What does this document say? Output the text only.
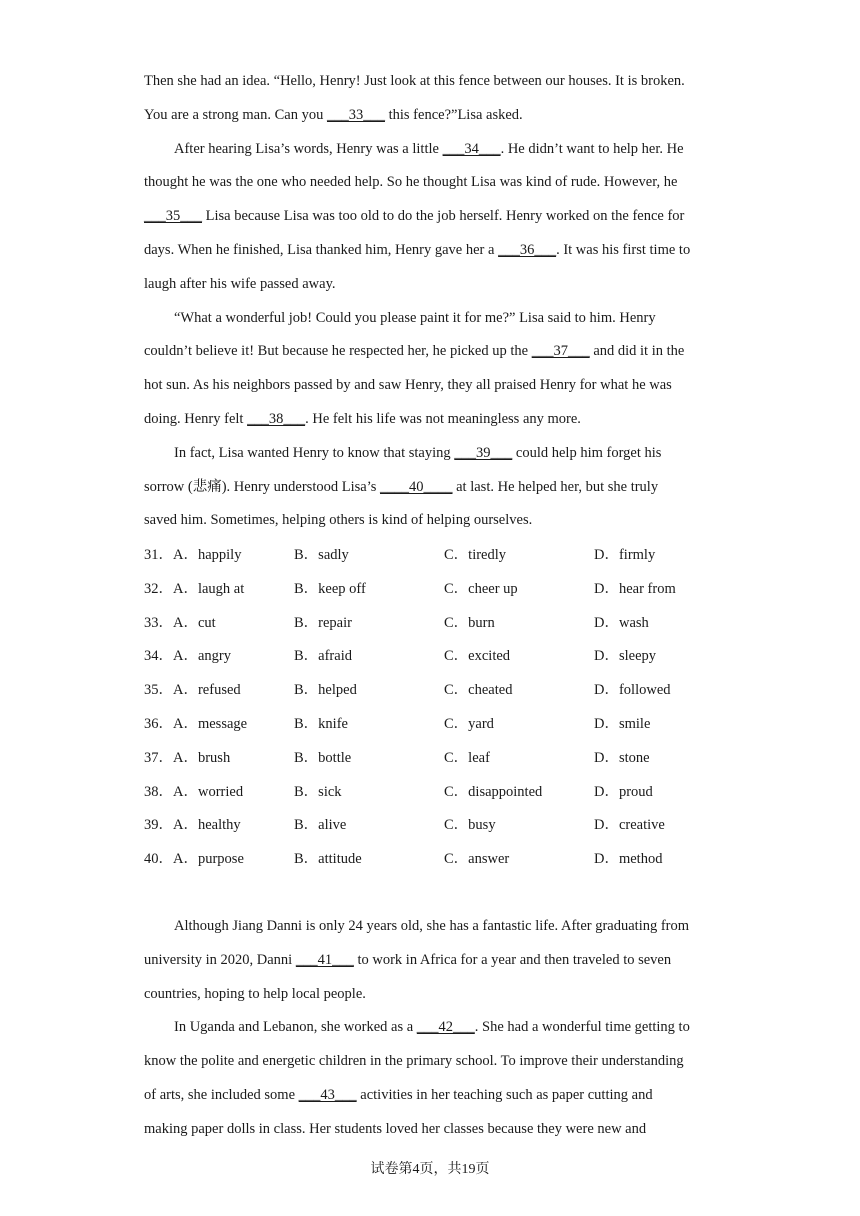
Then she had an idea. “Hello, Henry! Just look at this fence between our houses. It is broken.
You are a strong man. Can you ___33___ this fence?”Lisa asked.
After hearing Lisa’s words, Henry was a little ___34___. He didn’t want to help her. He
thought he was the one who needed help. So he thought Lisa was kind of rude. However, he
___35___ Lisa because Lisa was too old to do the job herself. Henry worked on the fence for
days. When he finished, Lisa thanked him, Henry gave her a ___36___. It was his first time to
laugh after his wife passed away.
“What a wonderful job! Could you please paint it for me?” Lisa said to him. Henry
couldn’t believe it! But because he respected her, he picked up the ___37___ and did it in the
hot sun. As his neighbors passed by and saw Henry, they all praised Henry for what he was
doing. Henry felt ___38___. He felt his life was not meaningless any more.
In fact, Lisa wanted Henry to know that staying ___39___ could help him forget his
sorrow (悲痛). Henry understood Lisa’s ____40____ at last. He helped her, but she truly
saved him. Sometimes, helping others is kind of helping ourselves.
31．A．happily	B．sadly	C．tiredly	D．firmly
32．A．laugh at	B．keep off	C．cheer up	D．hear from
33．A．cut	B．repair	C．burn	D．wash
34．A．angry	B．afraid	C．excited	D．sleepy
35．A．refused	B．helped	C．cheated	D．followed
36．A．message	B．knife	C．yard	D．smile
37．A．brush	B．bottle	C．leaf	D．stone
38．A．worried	B．sick	C．disappointed	D．proud
39．A．healthy	B．alive	C．busy	D．creative
40．A．purpose	B．attitude	C．answer	D．method
Although Jiang Danni is only 24 years old, she has a fantastic life. After graduating from
university in 2020, Danni ___41___ to work in Africa for a year and then traveled to seven
countries, hoping to help local people.
In Uganda and Lebanon, she worked as a ___42___. She had a wonderful time getting to
know the polite and energetic children in the primary school. To improve their understanding
of arts, she included some ___43___ activities in her teaching such as paper cutting and
making paper dolls in class. Her students loved her classes because they were new and
试卷第4页，共19页
